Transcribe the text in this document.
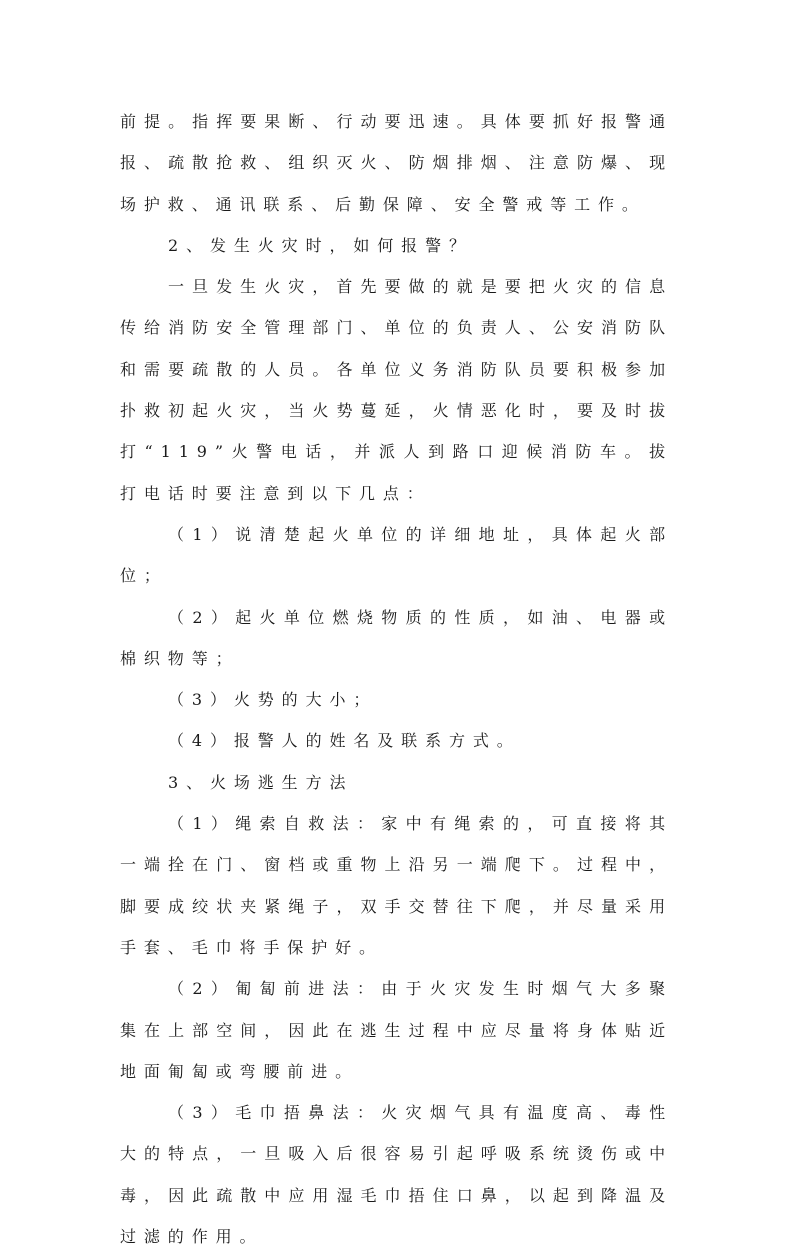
前提。指挥要果断、行动要迅速。具体要抓好报警通报、疏散抢救、组织灭火、防烟排烟、注意防爆、现场护救、通讯联系、后勤保障、安全警戒等工作。

2、发生火灾时，如何报警？

一旦发生火灾，首先要做的就是要把火灾的信息传给消防安全管理部门、单位的负责人、公安消防队和需要疏散的人员。各单位义务消防队员要积极参加扑救初起火灾，当火势蔓延，火情恶化时，要及时拔打“119”火警电话，并派人到路口迎候消防车。拔打电话时要注意到以下几点：

（1）说清楚起火单位的详细地址，具体起火部位；

（2）起火单位燃烧物质的性质，如油、电器或棉织物等；

（3）火势的大小；

（4）报警人的姓名及联系方式。

3、火场逃生方法

（1）绳索自救法：家中有绳索的，可直接将其一端拴在门、窗档或重物上沿另一端爬下。过程中，脚要成绞状夹紧绳子，双手交替往下爬，并尽量采用手套、毛巾将手保护好。

（2）匍匐前进法：由于火灾发生时烟气大多聚集在上部空间，因此在逃生过程中应尽量将身体贴近地面匍匐或弯腰前进。

（3）毛巾捂鼻法：火灾烟气具有温度高、毒性大的特点，一旦吸入后很容易引起呼吸系统烫伤或中毒，因此疏散中应用湿毛巾捂住口鼻，以起到降温及过滤的作用。
